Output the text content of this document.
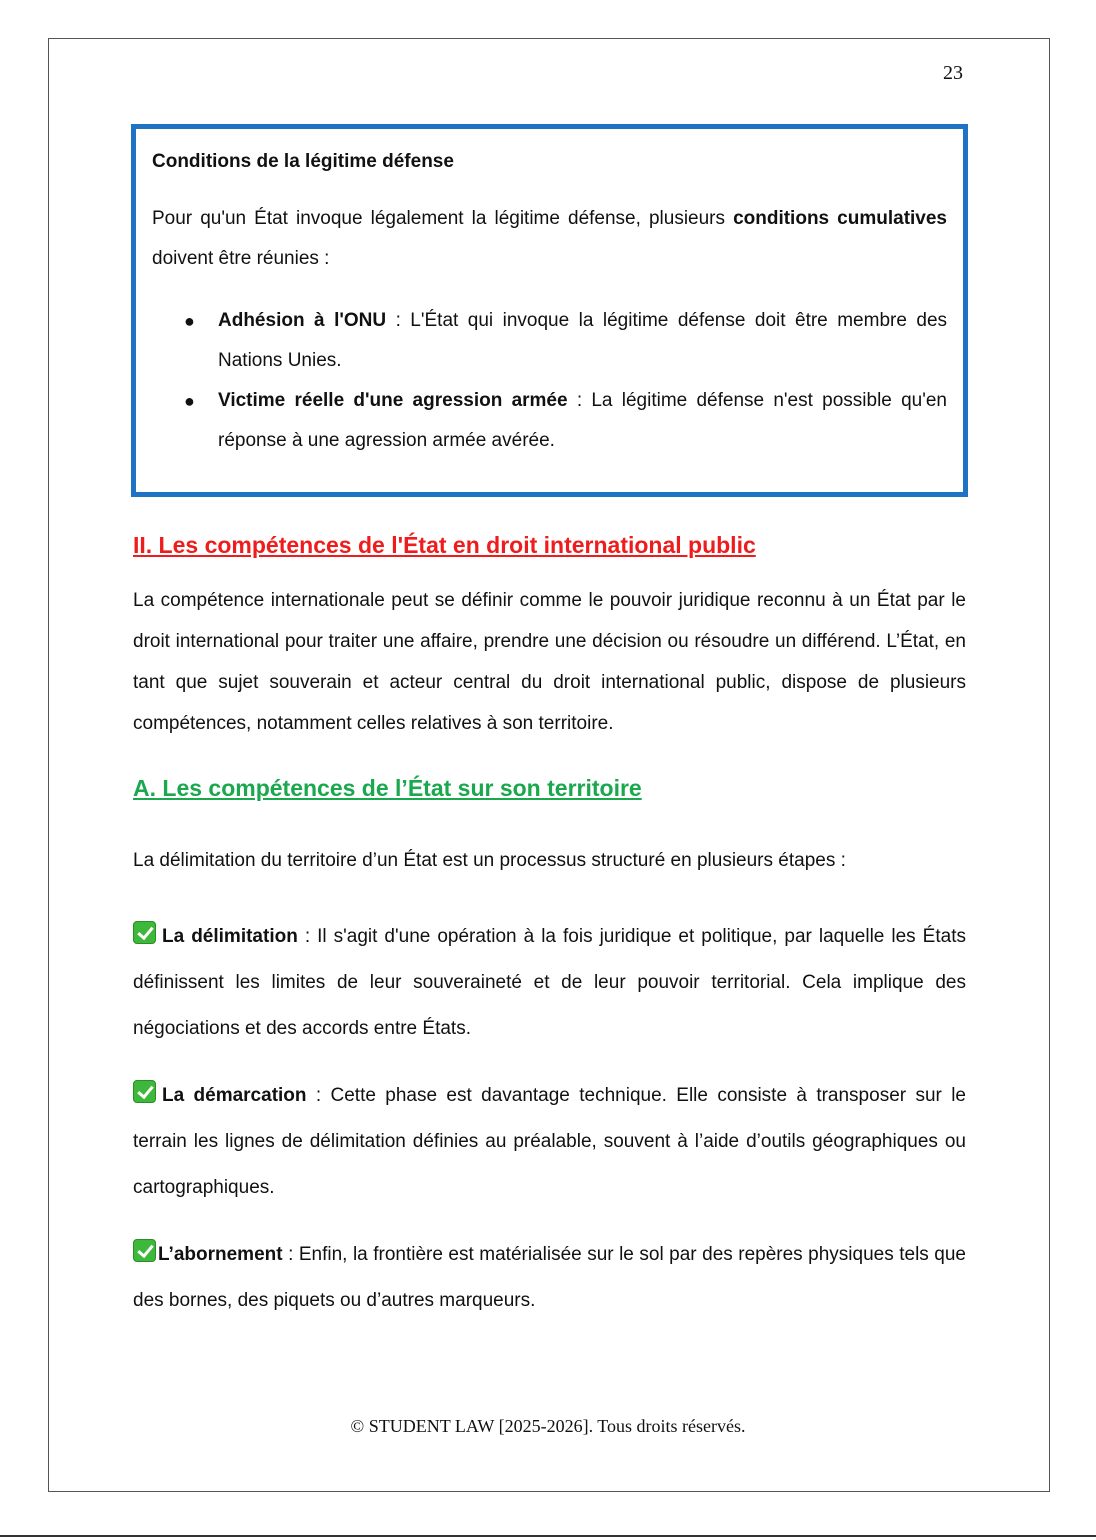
23

Conditions de la légitime défense

Pour qu'un État invoque légalement la légitime défense, plusieurs conditions cumulatives doivent être réunies :

● Adhésion à l'ONU : L'État qui invoque la légitime défense doit être membre des Nations Unies.
● Victime réelle d'une agression armée : La légitime défense n'est possible qu'en réponse à une agression armée avérée.
II. Les compétences de l'État en droit international public

La compétence internationale peut se définir comme le pouvoir juridique reconnu à un État par le droit international pour traiter une affaire, prendre une décision ou résoudre un différend. L’État, en tant que sujet souverain et acteur central du droit international public, dispose de plusieurs compétences, notamment celles relatives à son territoire.

A. Les compétences de l’État sur son territoire

La délimitation du territoire d’un État est un processus structuré en plusieurs étapes :

La délimitation : Il s'agit d'une opération à la fois juridique et politique, par laquelle les États définissent les limites de leur souveraineté et de leur pouvoir territorial. Cela implique des négociations et des accords entre États.

La démarcation : Cette phase est davantage technique. Elle consiste à transposer sur le terrain les lignes de délimitation définies au préalable, souvent à l’aide d’outils géographiques ou cartographiques.

L’abornement : Enfin, la frontière est matérialisée sur le sol par des repères physiques tels que des bornes, des piquets ou d’autres marqueurs.

© STUDENT LAW [2025-2026]. Tous droits réservés.
